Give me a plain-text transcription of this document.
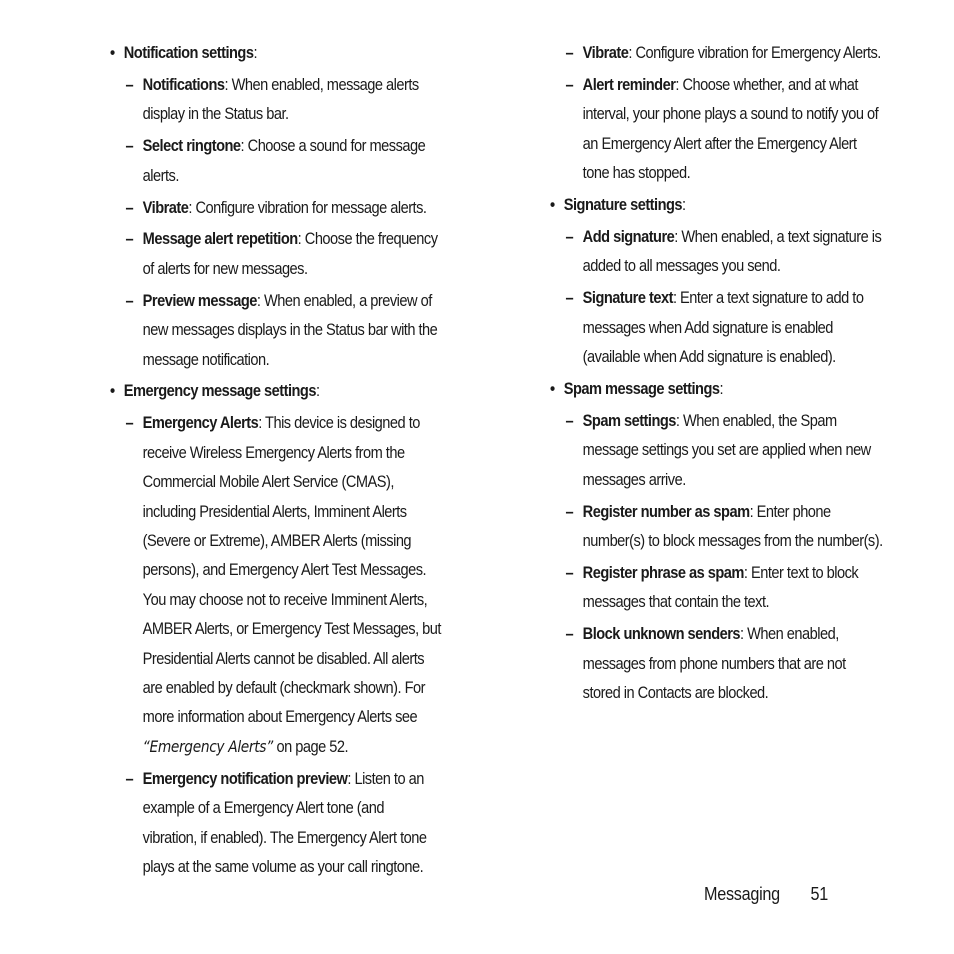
• Notification settings:
– Notifications: When enabled, message alerts display in the Status bar.
– Select ringtone: Choose a sound for message alerts.
– Vibrate: Configure vibration for message alerts.
– Message alert repetition: Choose the frequency of alerts for new messages.
– Preview message: When enabled, a preview of new messages displays in the Status bar with the message notification.
• Emergency message settings:
– Emergency Alerts: This device is designed to receive Wireless Emergency Alerts from the Commercial Mobile Alert Service (CMAS), including Presidential Alerts, Imminent Alerts (Severe or Extreme), AMBER Alerts (missing persons), and Emergency Alert Test Messages. You may choose not to receive Imminent Alerts, AMBER Alerts, or Emergency Test Messages, but Presidential Alerts cannot be disabled. All alerts are enabled by default (checkmark shown). For more information about Emergency Alerts see “Emergency Alerts” on page 52.
– Emergency notification preview: Listen to an example of a Emergency Alert tone (and vibration, if enabled). The Emergency Alert tone plays at the same volume as your call ringtone.
– Vibrate: Configure vibration for Emergency Alerts.
– Alert reminder: Choose whether, and at what interval, your phone plays a sound to notify you of an Emergency Alert after the Emergency Alert tone has stopped.
• Signature settings:
– Add signature: When enabled, a text signature is added to all messages you send.
– Signature text: Enter a text signature to add to messages when Add signature is enabled (available when Add signature is enabled).
• Spam message settings:
– Spam settings: When enabled, the Spam message settings you set are applied when new messages arrive.
– Register number as spam: Enter phone number(s) to block messages from the number(s).
– Register phrase as spam: Enter text to block messages that contain the text.
– Block unknown senders: When enabled, messages from phone numbers that are not stored in Contacts are blocked.
Messaging 51
